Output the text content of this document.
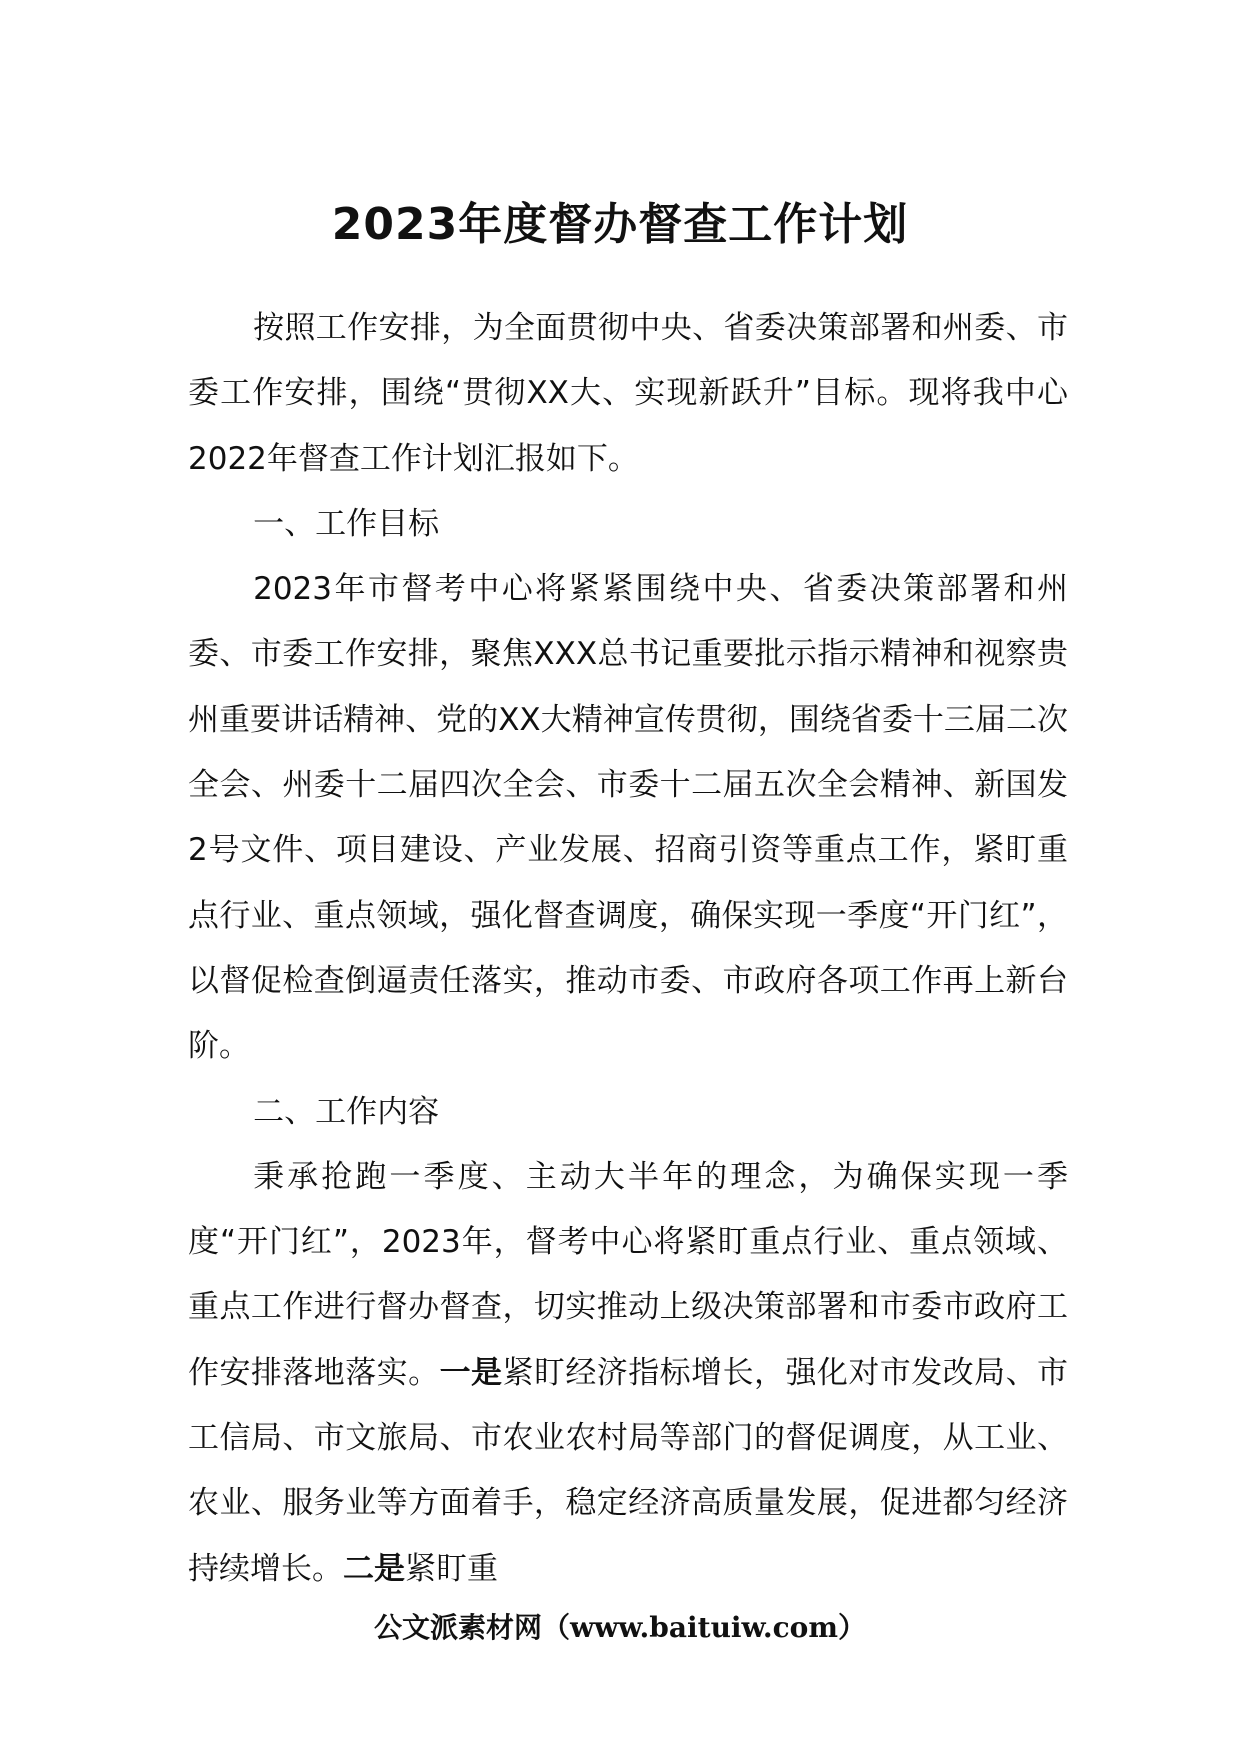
2023年度督办督查工作计划

按照工作安排，为全面贯彻中央、省委决策部署和州委、市委工作安排，围绕“贯彻XX大、实现新跃升”目标。现将我中心2022年督查工作计划汇报如下。

一、工作目标

2023年市督考中心将紧紧围绕中央、省委决策部署和州委、市委工作安排，聚焦XXX总书记重要批示指示精神和视察贵州重要讲话精神、党的XX大精神宣传贯彻，围绕省委十三届二次全会、州委十二届四次全会、市委十二届五次全会精神、新国发2号文件、项目建设、产业发展、招商引资等重点工作，紧盯重点行业、重点领域，强化督查调度，确保实现一季度“开门红”，以督促检查倒逼责任落实，推动市委、市政府各项工作再上新台阶。

二、工作内容

秉承抢跑一季度、主动大半年的理念，为确保实现一季度“开门红”，2023年，督考中心将紧盯重点行业、重点领域、重点工作进行督办督查，切实推动上级决策部署和市委市政府工作安排落地落实。一是紧盯经济指标增长，强化对市发改局、市工信局、市文旅局、市农业农村局等部门的督促调度，从工业、农业、服务业等方面着手，稳定经济高质量发展，促进都匀经济持续增长。二是紧盯重

公文派素材网（www.baituiw.com）
